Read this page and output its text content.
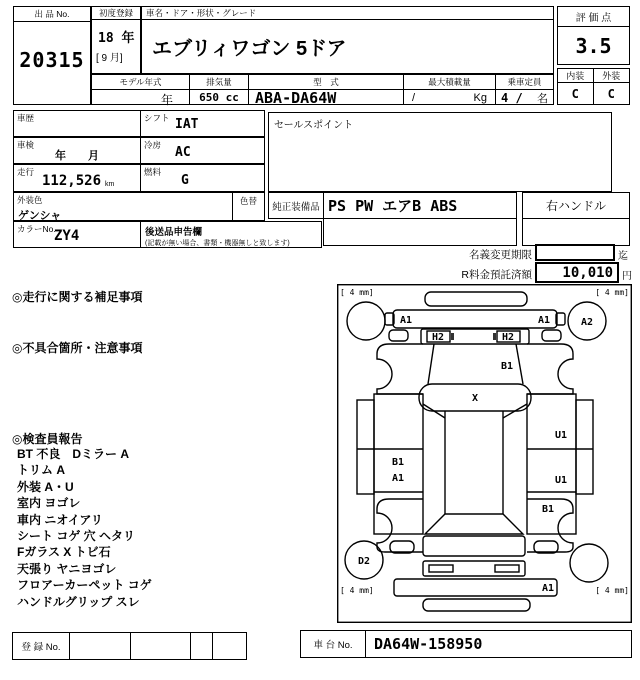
出 品 No.
20315
初度登録
18 年
[ 9 月]
車名・ドア・形状・グレード
エブリィワゴン 5ドア
評 価 点
3.5
内装	外装
C	C
モデル年式
年
排気量
650 cc
型　式
ABA-DA64W
最大積載量
/	Kg
乗車定員
4 / 名
車歴	シフト IAT
車検
年　　月
冷房 AC
走行
112,526 km
燃料
G
外装色
ゲンシャ
色替
カラーNo.
ZY4	後送品申告欄
(記載が無い場合、書類・機器無しと致します)
セールスポイント
純正装備品 PS PW エアB ABS	右ハンドル
名義変更期限	迄
R料金預託済額	10,010 円
◎走行に関する補足事項
◎不具合箇所・注意事項
◎検査員報告
BT 不良　Dミラー A
トリム A
外装 A・U
室内 ヨゴレ
車内 ニオイアリ
シート コゲ 穴 ヘタリ
Fガラス X トビ石
天張り ヤニヨゴレ
フロアーカーペット コゲ
ハンドルグリップ スレ
[ 4 mm]	[ 4 mm]
[ 4 mm]	[ 4 mm]
A1	A1
H2	H2
B1
X
A2
D2
B1
A1
U1
U1
B1
A1
登 録 No.	車 台 No.	DA64W-158950
